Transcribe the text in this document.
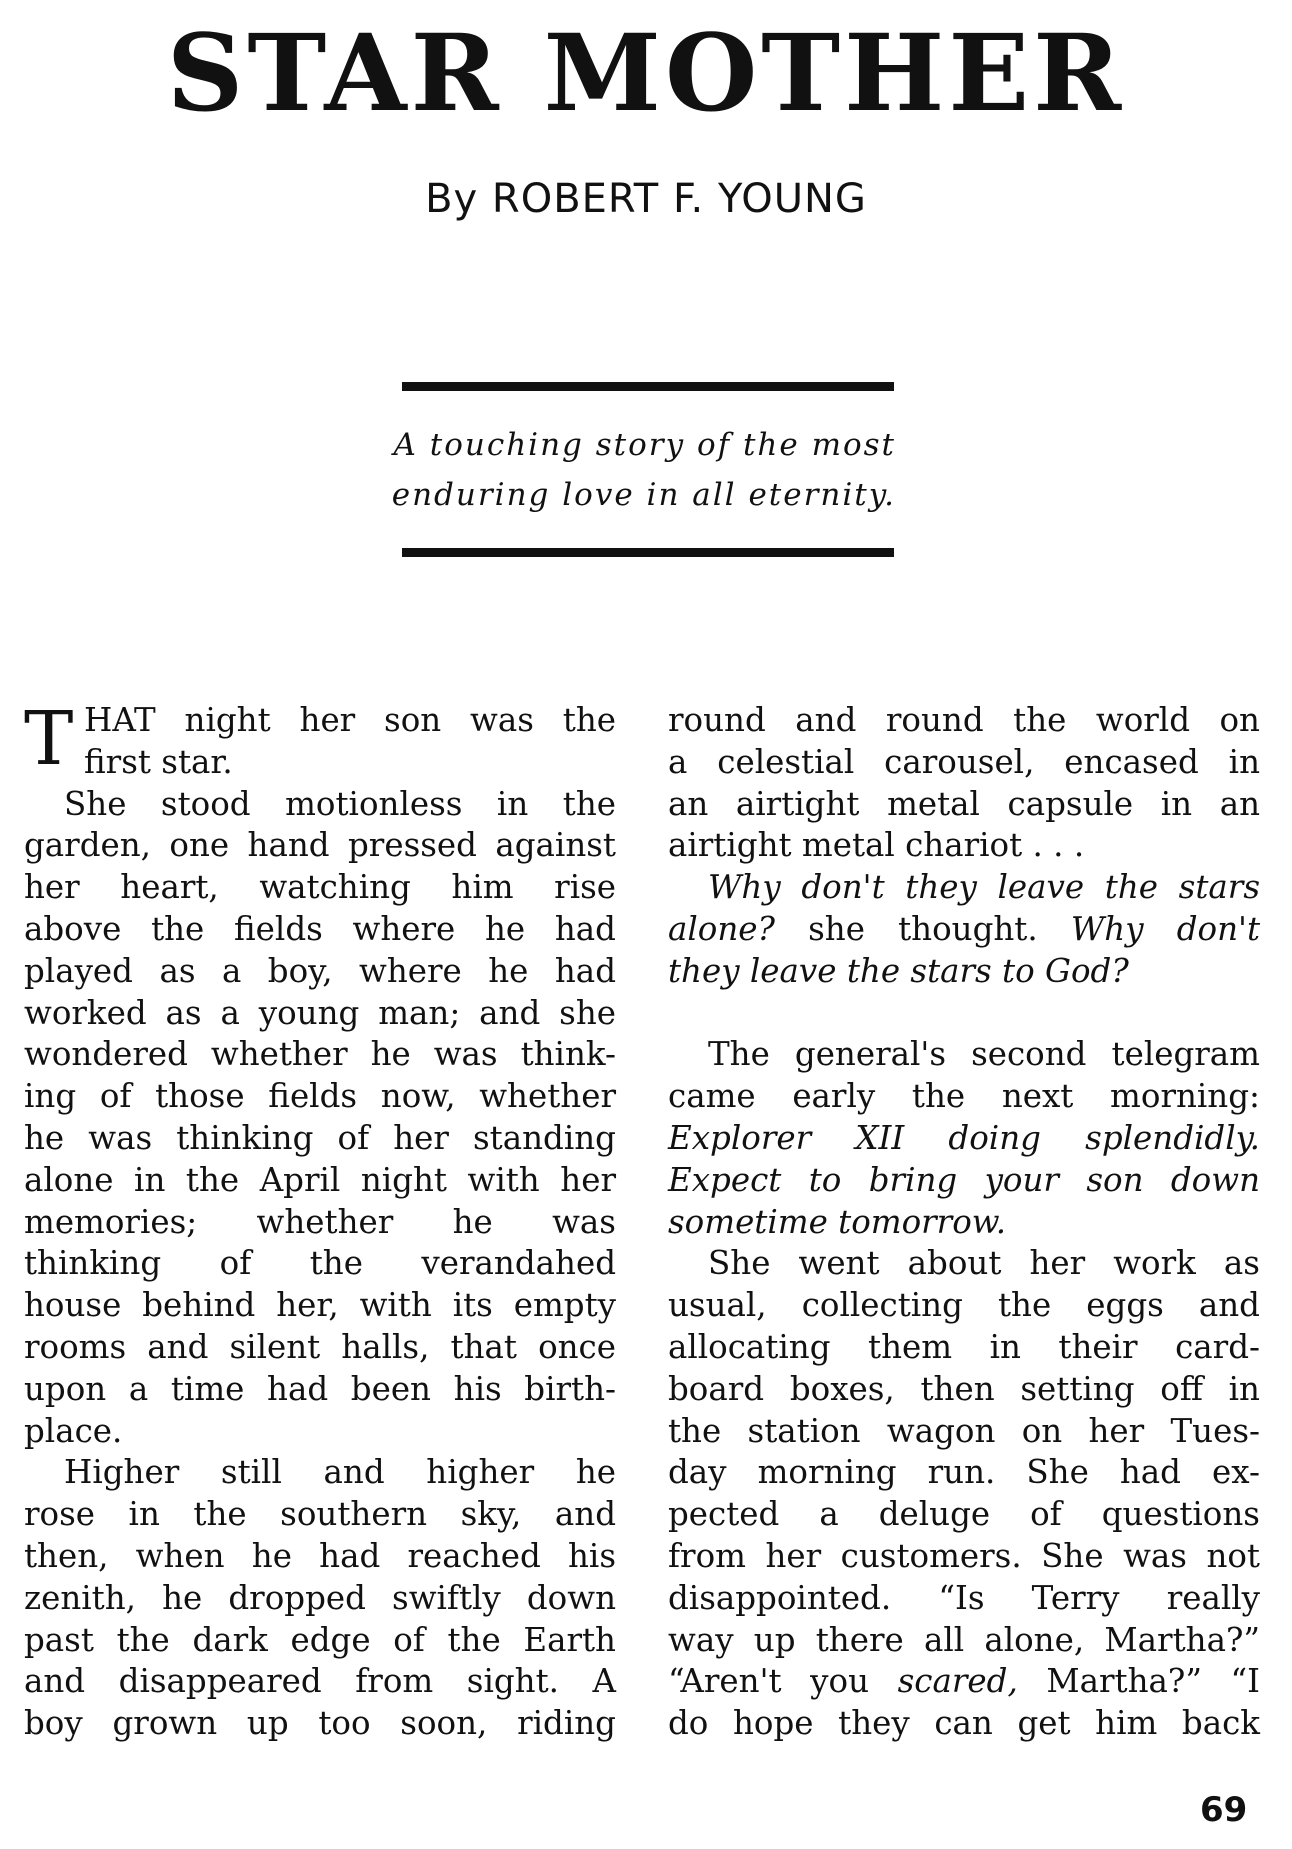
STAR MOTHER
By ROBERT F. YOUNG
A touching story of the most
enduring love in all eternity.
T HAT night her son was the
first star.
She stood motionless in the
garden, one hand pressed against
her heart, watching him rise
above the fields where he had
played as a boy, where he had
worked as a young man; and she
wondered whether he was think-
ing of those fields now, whether
he was thinking of her standing
alone in the April night with her
memories; whether he was
thinking of the verandahed
house behind her, with its empty
rooms and silent halls, that once
upon a time had been his birth-
place.
Higher still and higher he
rose in the southern sky, and
then, when he had reached his
zenith, he dropped swiftly down
past the dark edge of the Earth
and disappeared from sight. A
boy grown up too soon, riding
round and round the world on
a celestial carousel, encased in
an airtight metal capsule in an
airtight metal chariot . . .
Why don't they leave the stars
alone? she thought. Why don't
they leave the stars to God?
The general's second telegram
came early the next morning:
Explorer XII doing splendidly.
Expect to bring your son down
sometime tomorrow.
She went about her work as
usual, collecting the eggs and
allocating them in their card-
board boxes, then setting off in
the station wagon on her Tues-
day morning run. She had ex-
pected a deluge of questions
from her customers. She was not
disappointed. “Is Terry really
way up there all alone, Martha?”
“Aren't you scared, Martha?” “I
do hope they can get him back
69
